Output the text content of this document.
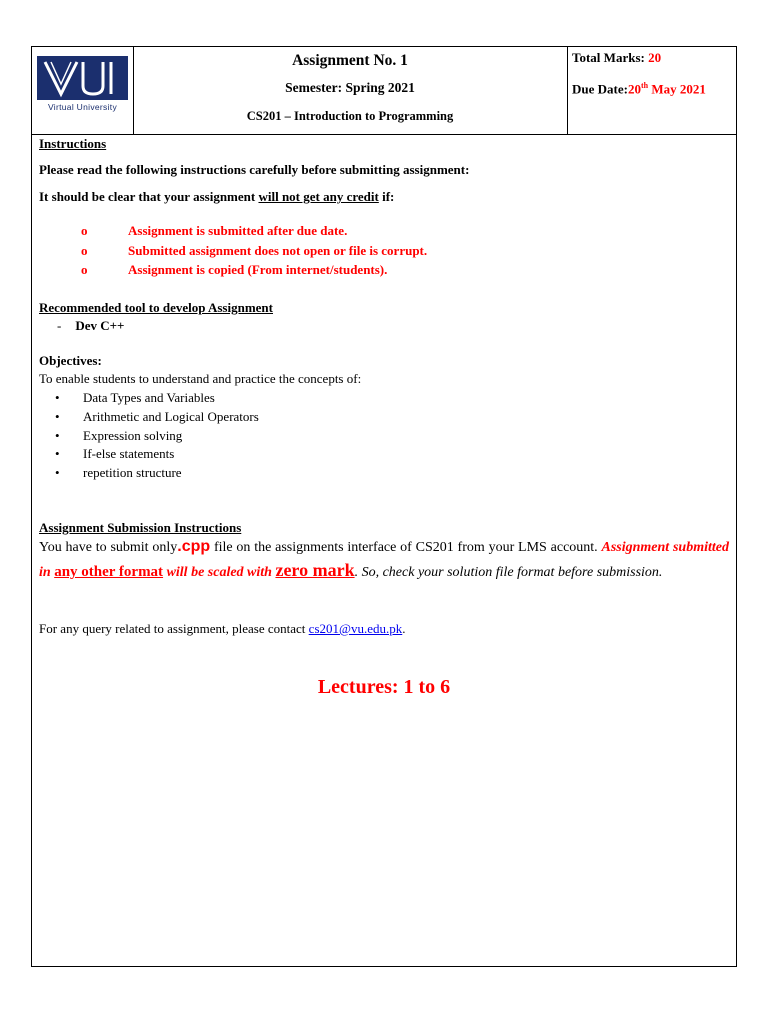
Virtual University
Assignment No. 1
Semester: Spring 2021
CS201 – Introduction to Programming
Total Marks: 20
Due Date:20th May 2021
Instructions
Please read the following instructions carefully before submitting assignment:
It should be clear that your assignment will not get any credit if:
o	Assignment is submitted after due date.
o	Submitted assignment does not open or file is corrupt.
o	Assignment is copied (From internet/students).
Recommended tool to develop Assignment
- Dev C++
Objectives:
To enable students to understand and practice the concepts of:
• Data Types and Variables
• Arithmetic and Logical Operators
• Expression solving
• If-else statements
• repetition structure
Assignment Submission Instructions
You have to submit only.cpp file on the assignments interface of CS201 from your LMS account. Assignment submitted in any other format will be scaled with zero mark. So, check your solution file format before submission.
For any query related to assignment, please contact cs201@vu.edu.pk.
Lectures: 1 to 6
